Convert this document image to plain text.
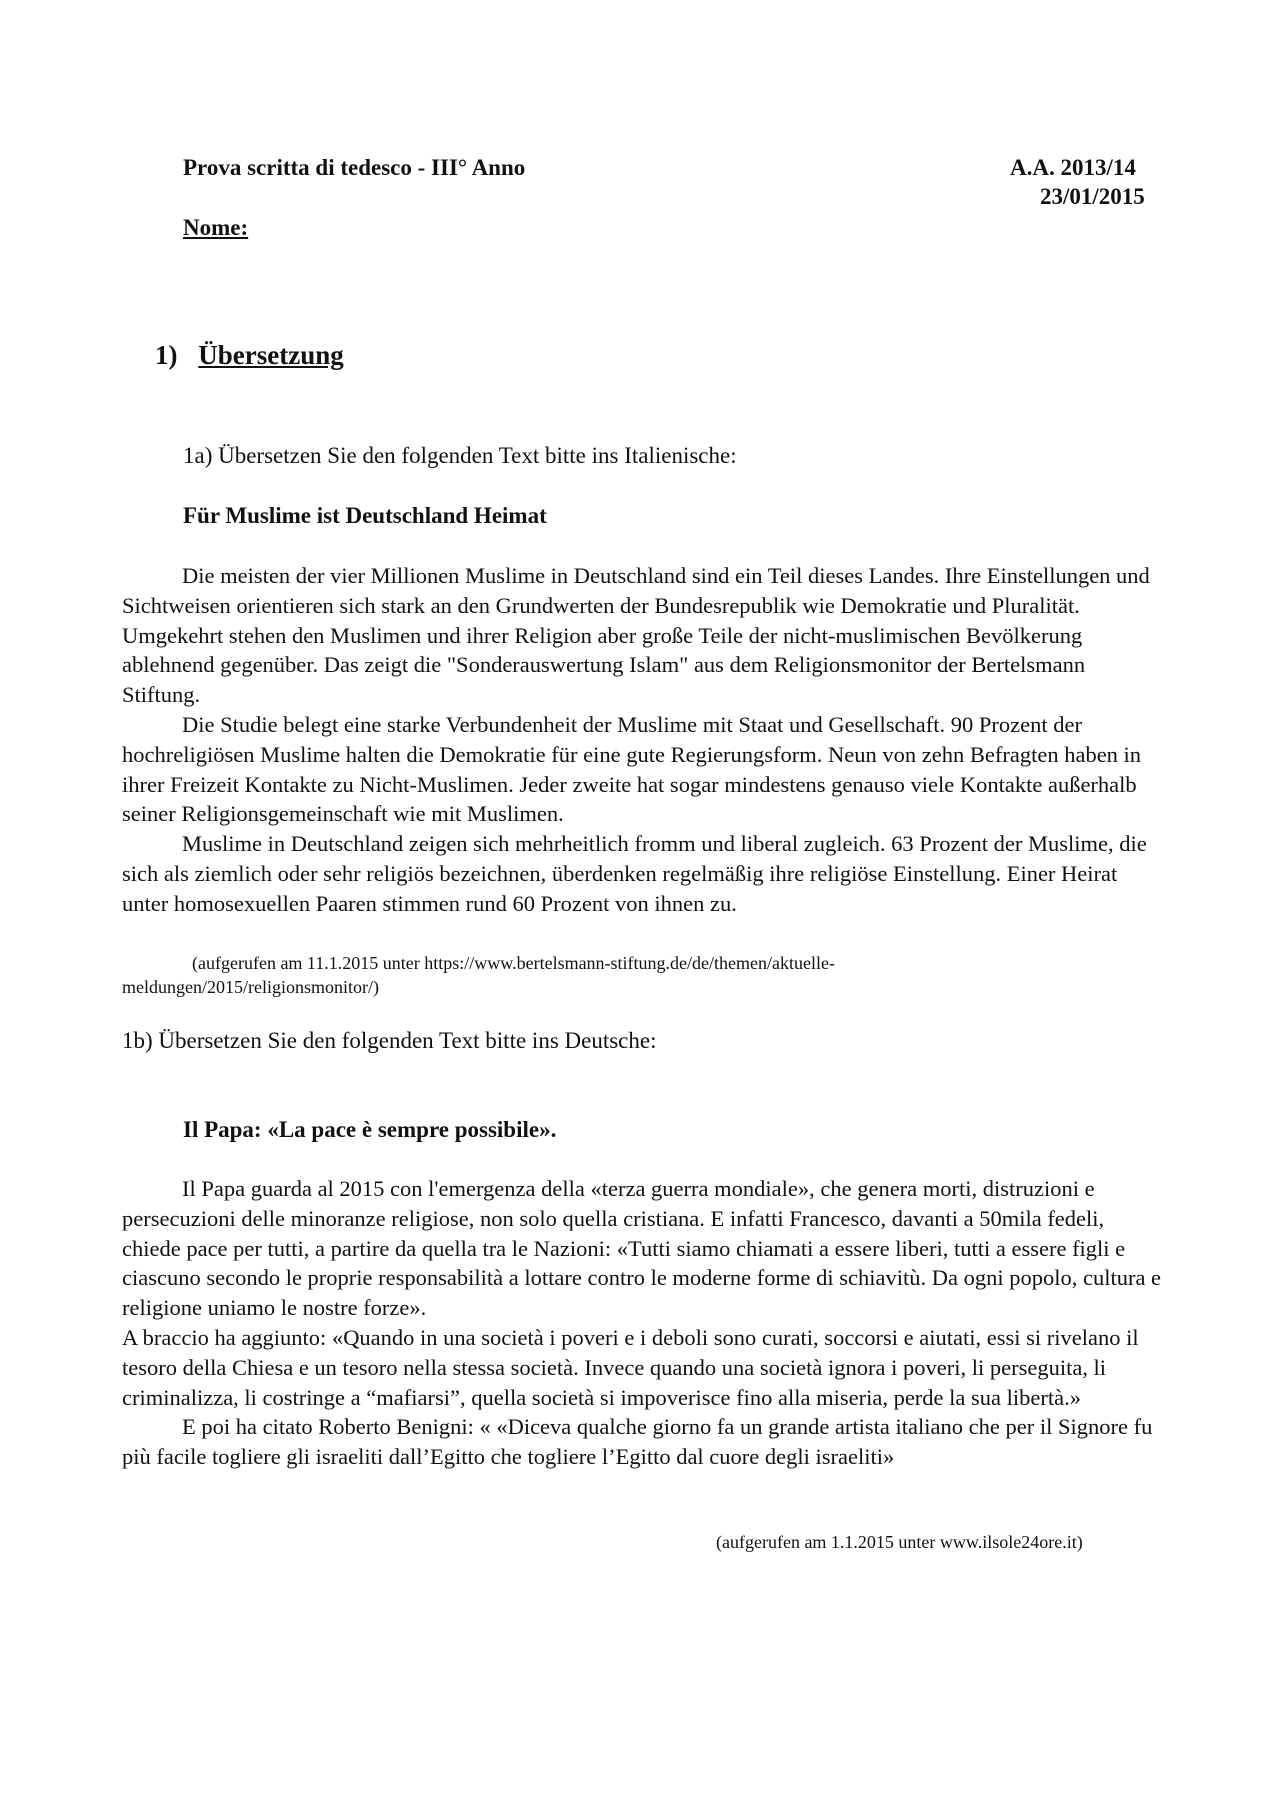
Prova scritta di tedesco - III° Anno	A.A. 2013/14
23/01/2015
Nome:
1) Übersetzung
1a) Übersetzen Sie den folgenden Text bitte ins Italienische:
Für Muslime ist Deutschland Heimat

Die meisten der vier Millionen Muslime in Deutschland sind ein Teil dieses Landes. Ihre Einstellungen und Sichtweisen orientieren sich stark an den Grundwerten der Bundesrepublik wie Demokratie und Pluralität. Umgekehrt stehen den Muslimen und ihrer Religion aber große Teile der nicht-muslimischen Bevölkerung ablehnend gegenüber. Das zeigt die "Sonderauswertung Islam" aus dem Religionsmonitor der Bertelsmann Stiftung.

Die Studie belegt eine starke Verbundenheit der Muslime mit Staat und Gesellschaft. 90 Prozent der hochreligiösen Muslime halten die Demokratie für eine gute Regierungsform. Neun von zehn Befragten haben in ihrer Freizeit Kontakte zu Nicht-Muslimen. Jeder zweite hat sogar mindestens genauso viele Kontakte außerhalb seiner Religionsgemeinschaft wie mit Muslimen.

Muslime in Deutschland zeigen sich mehrheitlich fromm und liberal zugleich. 63 Prozent der Muslime, die sich als ziemlich oder sehr religiös bezeichnen, überdenken regelmäßig ihre religiöse Einstellung. Einer Heirat unter homosexuellen Paaren stimmen rund 60 Prozent von ihnen zu.

(aufgerufen am 11.1.2015 unter https://www.bertelsmann-stiftung.de/de/themen/aktuelle-meldungen/2015/religionsmonitor/)
1b) Übersetzen Sie den folgenden Text bitte ins Deutsche:
Il Papa: «La pace è sempre possibile».

Il Papa guarda al 2015 con l'emergenza della «terza guerra mondiale», che genera morti, distruzioni e persecuzioni delle minoranze religiose, non solo quella cristiana. E infatti Francesco, davanti a 50mila fedeli, chiede pace per tutti, a partire da quella tra le Nazioni: «Tutti siamo chiamati a essere liberi, tutti a essere figli e ciascuno secondo le proprie responsabilità a lottare contro le moderne forme di schiavitù. Da ogni popolo, cultura e religione uniamo le nostre forze».

A braccio ha aggiunto: «Quando in una società i poveri e i deboli sono curati, soccorsi e aiutati, essi si rivelano il tesoro della Chiesa e un tesoro nella stessa società. Invece quando una società ignora i poveri, li perseguita, li criminalizza, li costringe a “mafiarsi”, quella società si impoverisce fino alla miseria, perde la sua libertà.»

E poi ha citato Roberto Benigni: « «Diceva qualche giorno fa un grande artista italiano che per il Signore fu più facile togliere gli israeliti dall’Egitto che togliere l’Egitto dal cuore degli israeliti»

(aufgerufen am 1.1.2015 unter www.ilsole24ore.it)
